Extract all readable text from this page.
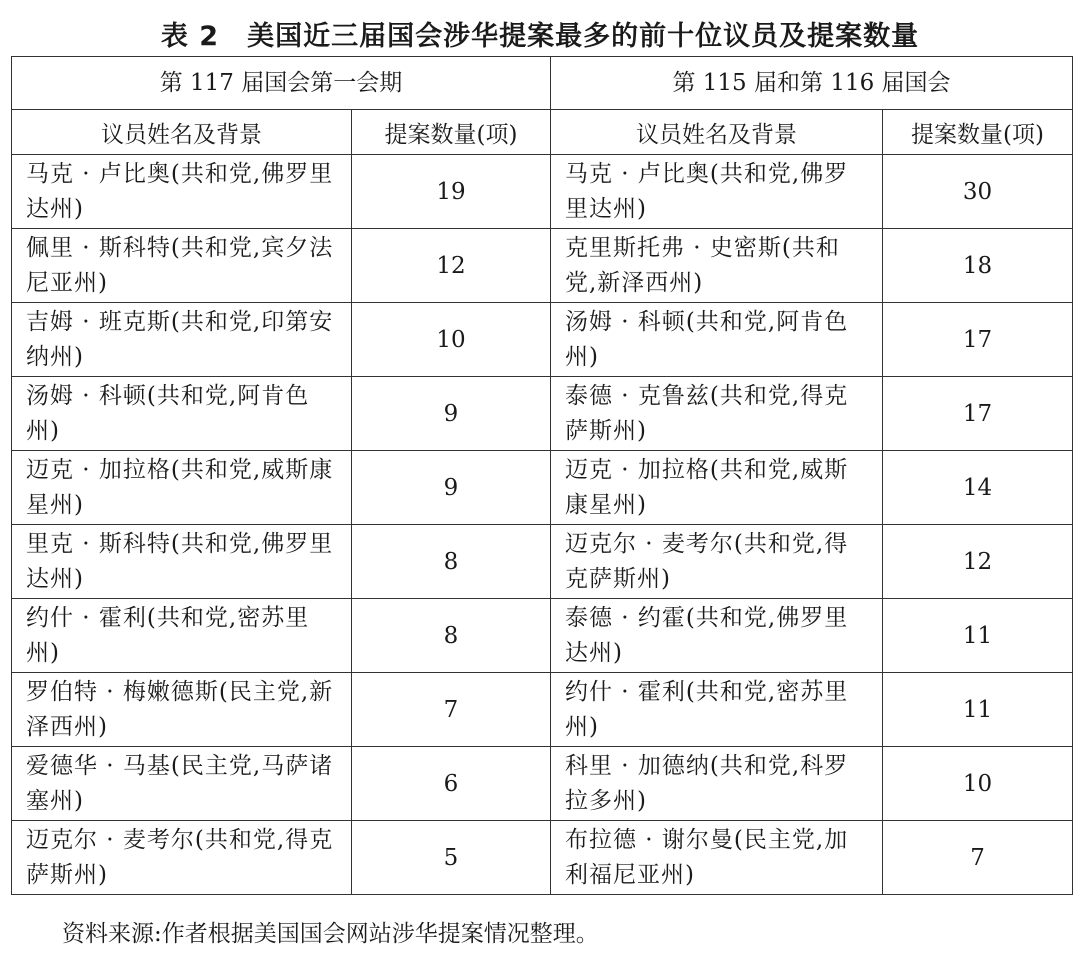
表 2 美国近三届国会涉华提案最多的前十位议员及提案数量
第 117 届国会第一会期		第 115 届和第 116 届国会	
议员姓名及背景	提案数量(项)	议员姓名及背景	提案数量(项)
马克 · 卢比奥(共和党,佛罗里达州)	19	马克 · 卢比奥(共和党,佛罗里达州)	30
佩里 · 斯科特(共和党,宾夕法尼亚州)	12	克里斯托弗 · 史密斯(共和党,新泽西州)	18
吉姆 · 班克斯(共和党,印第安纳州)	10	汤姆 · 科顿(共和党,阿肯色州)	17
汤姆 · 科顿(共和党,阿肯色州)	9	泰德 · 克鲁兹(共和党,得克萨斯州)	17
迈克 · 加拉格(共和党,威斯康星州)	9	迈克 · 加拉格(共和党,威斯康星州)	14
里克 · 斯科特(共和党,佛罗里达州)	8	迈克尔 · 麦考尔(共和党,得克萨斯州)	12
约什 · 霍利(共和党,密苏里州)	8	泰德 · 约霍(共和党,佛罗里达州)	11
罗伯特 · 梅嫩德斯(民主党,新泽西州)	7	约什 · 霍利(共和党,密苏里州)	11
爱德华 · 马基(民主党,马萨诸塞州)	6	科里 · 加德纳(共和党,科罗拉多州)	10
迈克尔 · 麦考尔(共和党,得克萨斯州)	5	布拉德 · 谢尔曼(民主党,加利福尼亚州)	7
资料来源:作者根据美国国会网站涉华提案情况整理。
